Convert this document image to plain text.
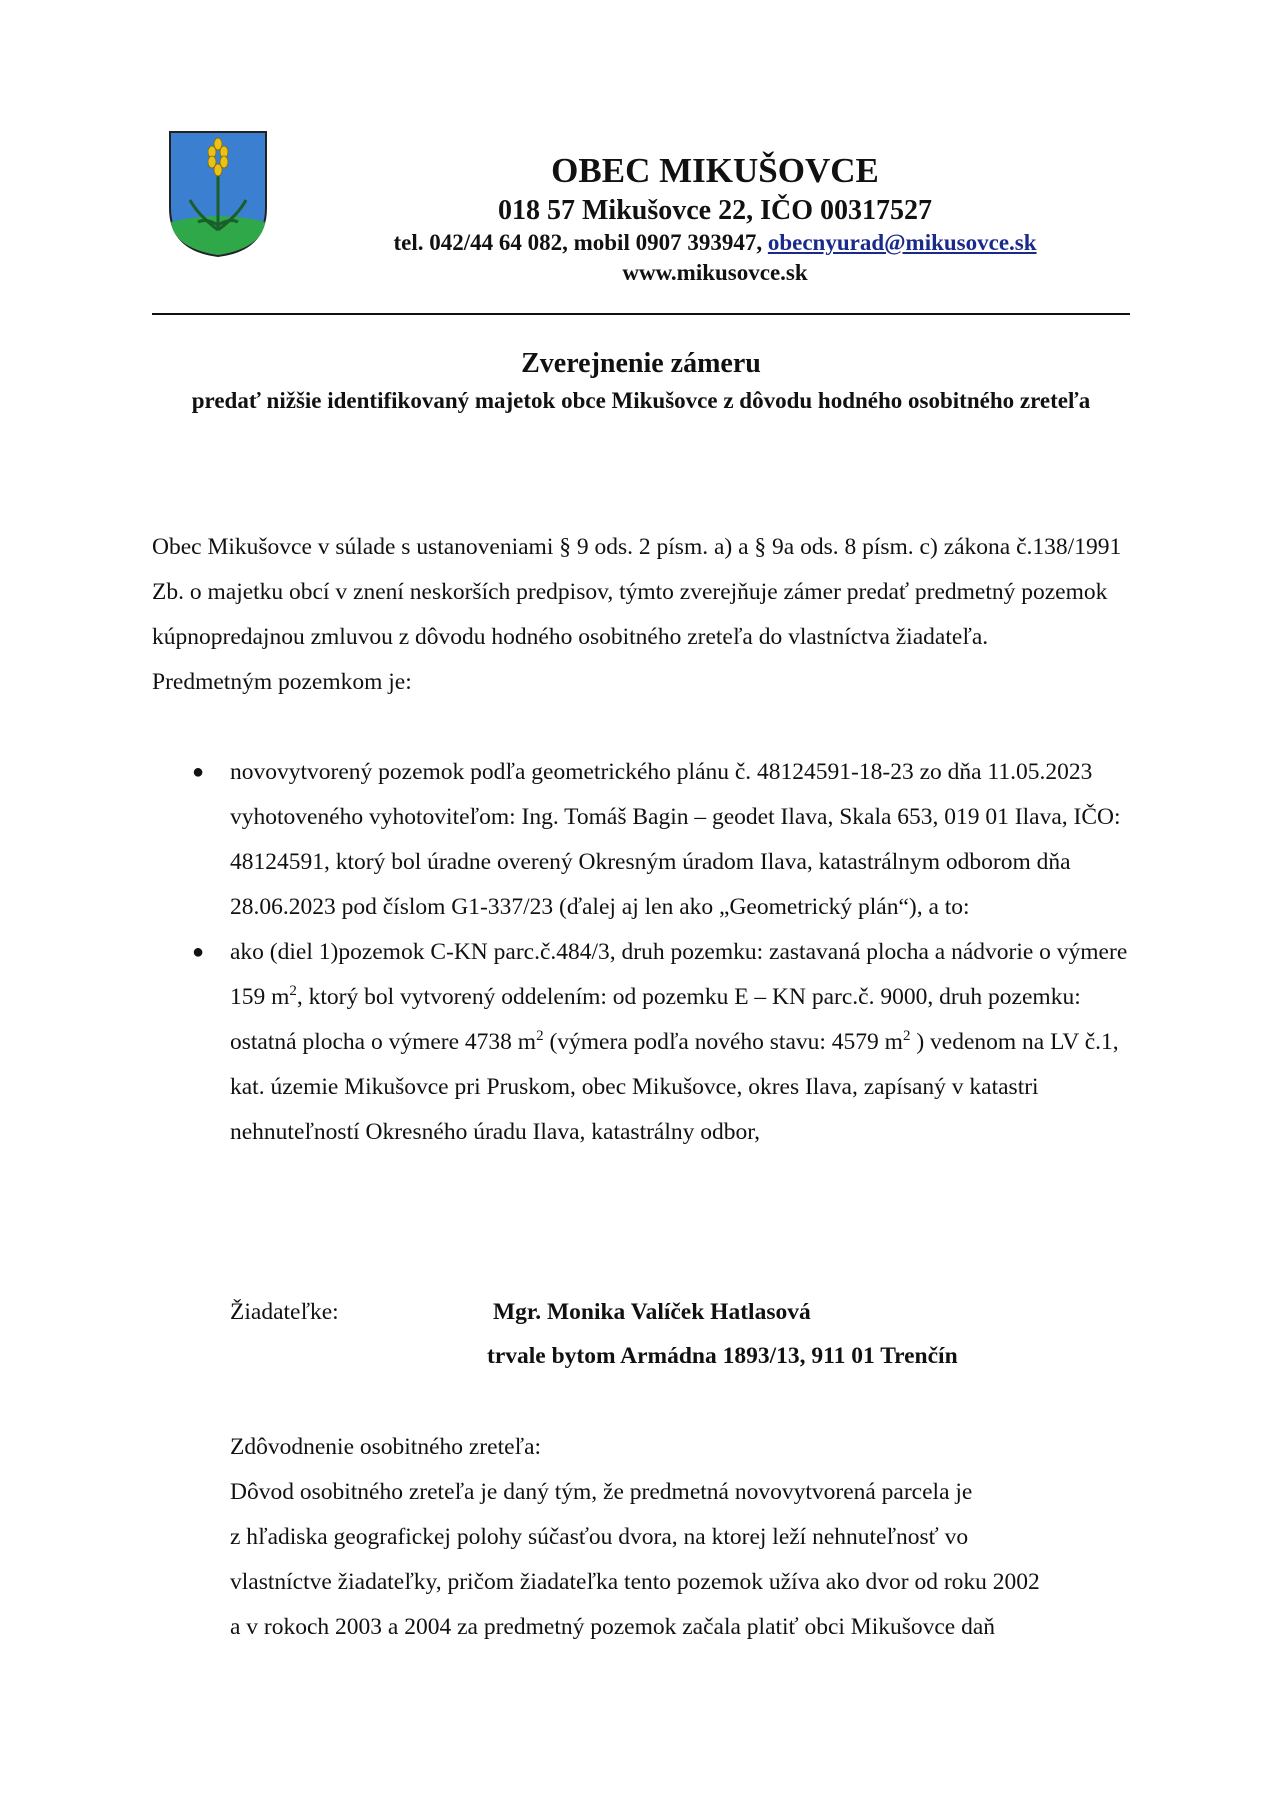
OBEC MIKUŠOVCE
018 57 Mikušovce 22, IČO 00317527
tel. 042/44 64 082, mobil 0907 393947, obecnyurad@mikusovce.sk
www.mikusovce.sk
Zverejnenie zámeru
predať nižšie identifikovaný majetok obce Mikušovce z dôvodu hodného osobitného zreteľa

Obec Mikušovce v súlade s ustanoveniami § 9 ods. 2 písm. a) a § 9a ods. 8 písm. c) zákona č.138/1991 Zb. o majetku obcí v znení neskorších predpisov, týmto zverejňuje zámer predať predmetný pozemok kúpnopredajnou zmluvou z dôvodu hodného osobitného zreteľa do vlastníctva žiadateľa.

Predmetným pozemkom je:

● novovytvorený pozemok podľa geometrického plánu č. 48124591-18-23 zo dňa 11.05.2023 vyhotoveného vyhotoviteľom: Ing. Tomáš Bagin – geodet Ilava, Skala 653, 019 01 Ilava, IČO: 48124591, ktorý bol úradne overený Okresným úradom Ilava, katastrálnym odborom dňa 28.06.2023 pod číslom G1-337/23 (ďalej aj len ako „Geometrický plán“), a to:
● ako (diel 1)pozemok C-KN parc.č.484/3, druh pozemku: zastavaná plocha a nádvorie o výmere 159 $m^2$, ktorý bol vytvorený oddelením: od pozemku E – KN parc.č. 9000, druh pozemku: ostatná plocha o výmere 4738 $m^2$ (výmera podľa nového stavu: 4579 $m^2$ ) vedenom na LV č.1, kat. územie Mikušovce pri Pruskom, obec Mikušovce, okres Ilava, zapísaný v katastri nehnuteľností Okresného úradu Ilava, katastrálny odbor,
Žiadateľke:	Mgr. Monika Valíček Hatlasová
trvale bytom Armádna 1893/13, 911 01 Trenčín
Zdôvodnenie osobitného zreteľa:
Dôvod osobitného zreteľa je daný tým, že predmetná novovytvorená parcela je
z hľadiska geografickej polohy súčasťou dvora, na ktorej leží nehnuteľnosť vo
vlastníctve žiadateľky, pričom žiadateľka tento pozemok užíva ako dvor od roku 2002
a v rokoch 2003 a 2004 za predmetný pozemok začala platiť obci Mikušovce daň
